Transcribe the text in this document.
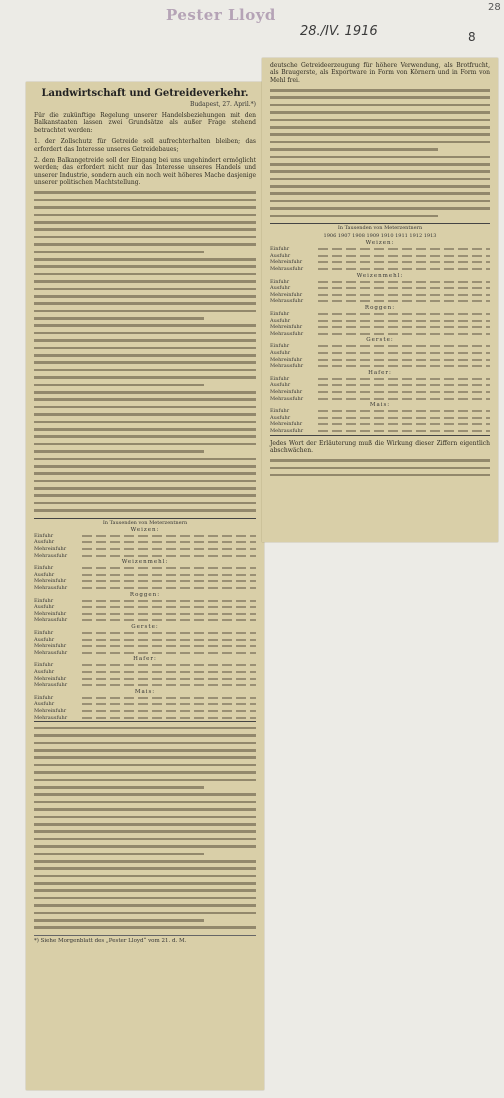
28
Pester Lloyd
28./IV. 1916	8
Landwirtschaft und Getreideverkehr.
Budapest, 27. April.*)
Für die zukünftige Regelung unserer Handelsbeziehungen mit den Balkanstaaten lassen zwei Grundsätze als außer Frage stehend betrachtet werden:
1. der Zollschutz für Getreide soll aufrechterhalten bleiben; das erfordert das Interesse unseres Getreidebaues;
2. dem Balkangetreide soll der Eingang bei uns ungehindert ermöglicht werden; das erfordert nicht nur das Interesse unseres Handels und unserer Industrie, sondern auch ein noch weit höheres Mache dasjenige unserer politischen Machtstellung.
In Tausenden von Meterzentnern
Weizen:
Einfuhr
Ausfuhr
Mehreinfuhr
Mehrausfuhr
Weizenmehl:
Einfuhr
Ausfuhr
Mehreinfuhr
Mehrausfuhr
Roggen:
Einfuhr
Ausfuhr
Mehreinfuhr
Mehrausfuhr
Gerste:
Einfuhr
Ausfuhr
Mehreinfuhr
Mehrausfuhr
Hafer:
Einfuhr
Ausfuhr
Mehreinfuhr
Mehrausfuhr
Mais:
Einfuhr
Ausfuhr
Mehreinfuhr
Mehrausfuhr
*) Siehe Morgenblatt des „Pester Lloyd“ vom 21. d. M.
deutsche Getreideerzeugung für höhere Verwendung, als Brotfrucht, als Braugerste, als Exportware in Form von Körnern und in Form von Mehl frei.
In Tausenden von Meterzentnern
1906 1907 1908 1909 1910 1911 1912 1913
Weizen:
Einfuhr
Ausfuhr
Mehreinfuhr
Mehrausfuhr
Weizenmehl:
Einfuhr
Ausfuhr
Mehreinfuhr
Mehrausfuhr
Roggen:
Einfuhr
Ausfuhr
Mehreinfuhr
Mehrausfuhr
Gerste:
Einfuhr
Ausfuhr
Mehreinfuhr
Mehrausfuhr
Hafer:
Einfuhr
Ausfuhr
Mehreinfuhr
Mehrausfuhr
Mais:
Einfuhr
Ausfuhr
Mehreinfuhr
Mehrausfuhr
Jedes Wort der Erläuterung muß die Wirkung dieser Ziffern eigentlich abschwächen.
